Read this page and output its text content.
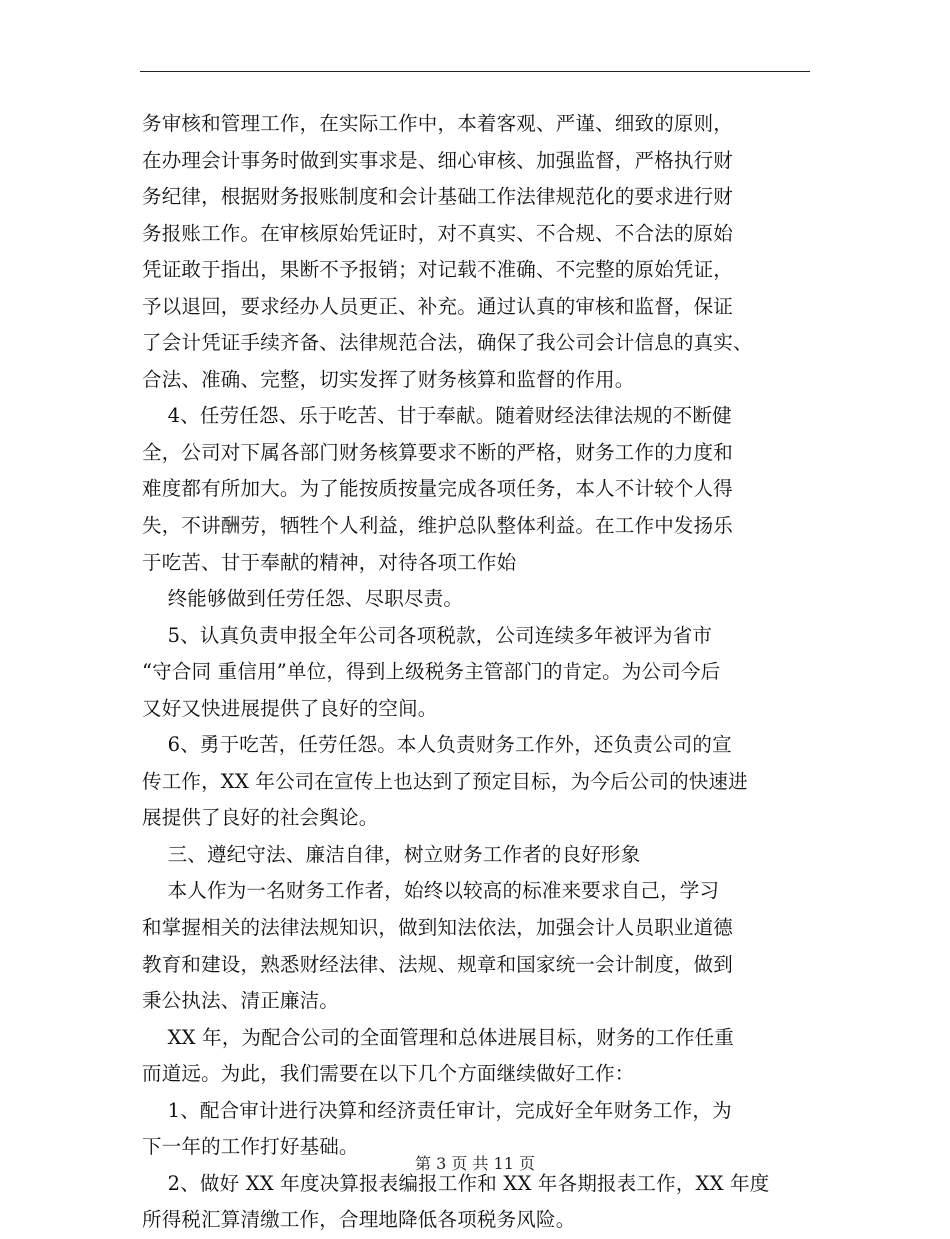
务审核和管理工作，在实际工作中，本着客观、严谨、细致的原则，
在办理会计事务时做到实事求是、细心审核、加强监督，严格执行财
务纪律，根据财务报账制度和会计基础工作法律规范化的要求进行财
务报账工作。在审核原始凭证时，对不真实、不合规、不合法的原始
凭证敢于指出，果断不予报销；对记载不准确、不完整的原始凭证，
予以退回，要求经办人员更正、补充。通过认真的审核和监督，保证
了会计凭证手续齐备、法律规范合法，确保了我公司会计信息的真实、
合法、准确、完整，切实发挥了财务核算和监督的作用。
4、任劳任怨、乐于吃苦、甘于奉献。随着财经法律法规的不断健
全，公司对下属各部门财务核算要求不断的严格，财务工作的力度和
难度都有所加大。为了能按质按量完成各项任务，本人不计较个人得
失，不讲酬劳，牺牲个人利益，维护总队整体利益。在工作中发扬乐
于吃苦、甘于奉献的精神，对待各项工作始
终能够做到任劳任怨、尽职尽责。
5、认真负责申报全年公司各项税款，公司连续多年被评为省市
“守合同 重信用”单位，得到上级税务主管部门的肯定。为公司今后
又好又快进展提供了良好的空间。
6、勇于吃苦，任劳任怨。本人负责财务工作外，还负责公司的宣
传工作，XX 年公司在宣传上也达到了预定目标，为今后公司的快速进
展提供了良好的社会舆论。
三、遵纪守法、廉洁自律，树立财务工作者的良好形象
本人作为一名财务工作者，始终以较高的标准来要求自己，学习
和掌握相关的法律法规知识，做到知法依法，加强会计人员职业道德
教育和建设，熟悉财经法律、法规、规章和国家统一会计制度，做到
秉公执法、清正廉洁。
XX 年，为配合公司的全面管理和总体进展目标，财务的工作任重
而道远。为此，我们需要在以下几个方面继续做好工作：
1、配合审计进行决算和经济责任审计，完成好全年财务工作，为
下一年的工作打好基础。
2、做好 XX 年度决算报表编报工作和 XX 年各期报表工作，XX 年度
所得税汇算清缴工作，合理地降低各项税务风险。
第 3 页 共 11 页
